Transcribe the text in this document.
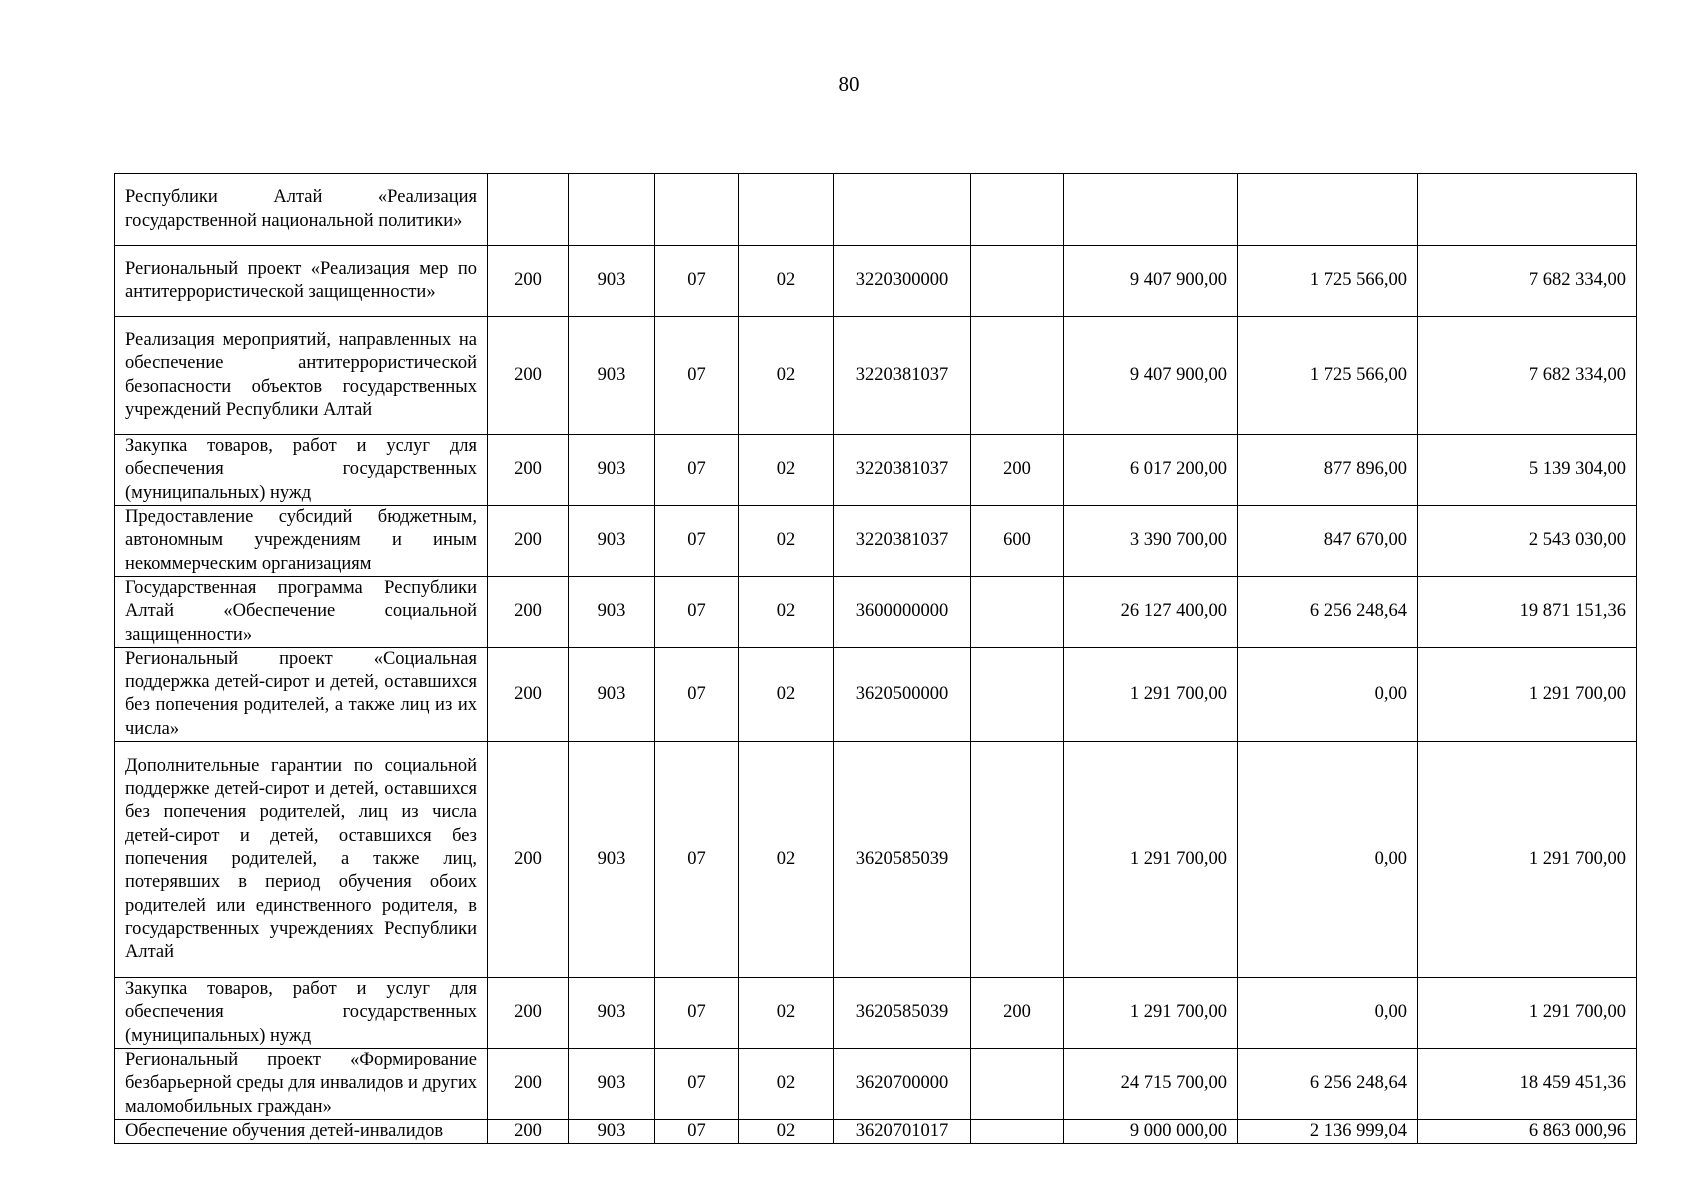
80
Республики Алтай «Реализация государственной национальной политики»									
Региональный проект «Реализация мер по антитеррористической защищенности»	200	903	07	02	3220300000		9 407 900,00	1 725 566,00	7 682 334,00
Реализация мероприятий, направленных на обеспечение антитеррористической безопасности объектов государственных учреждений Республики Алтай	200	903	07	02	3220381037		9 407 900,00	1 725 566,00	7 682 334,00
Закупка товаров, работ и услуг для обеспечения государственных (муниципальных) нужд	200	903	07	02	3220381037	200	6 017 200,00	877 896,00	5 139 304,00
Предоставление субсидий бюджетным, автономным учреждениям и иным некоммерческим организациям	200	903	07	02	3220381037	600	3 390 700,00	847 670,00	2 543 030,00
Государственная программа Республики Алтай «Обеспечение социальной защищенности»	200	903	07	02	3600000000		26 127 400,00	6 256 248,64	19 871 151,36
Региональный проект «Социальная поддержка детей-сирот и детей, оставшихся без попечения родителей, а также лиц из их числа»	200	903	07	02	3620500000		1 291 700,00	0,00	1 291 700,00
Дополнительные гарантии по социальной поддержке детей-сирот и детей, оставшихся без попечения родителей, лиц из числа детей-сирот и детей, оставшихся без попечения родителей, а также лиц, потерявших в период обучения обоих родителей или единственного родителя, в государственных учреждениях Республики Алтай	200	903	07	02	3620585039		1 291 700,00	0,00	1 291 700,00
Закупка товаров, работ и услуг для обеспечения государственных (муниципальных) нужд	200	903	07	02	3620585039	200	1 291 700,00	0,00	1 291 700,00
Региональный проект «Формирование безбарьерной среды для инвалидов и других маломобильных граждан»	200	903	07	02	3620700000		24 715 700,00	6 256 248,64	18 459 451,36
Обеспечение обучения детей-инвалидов	200	903	07	02	3620701017		9 000 000,00	2 136 999,04	6 863 000,96
